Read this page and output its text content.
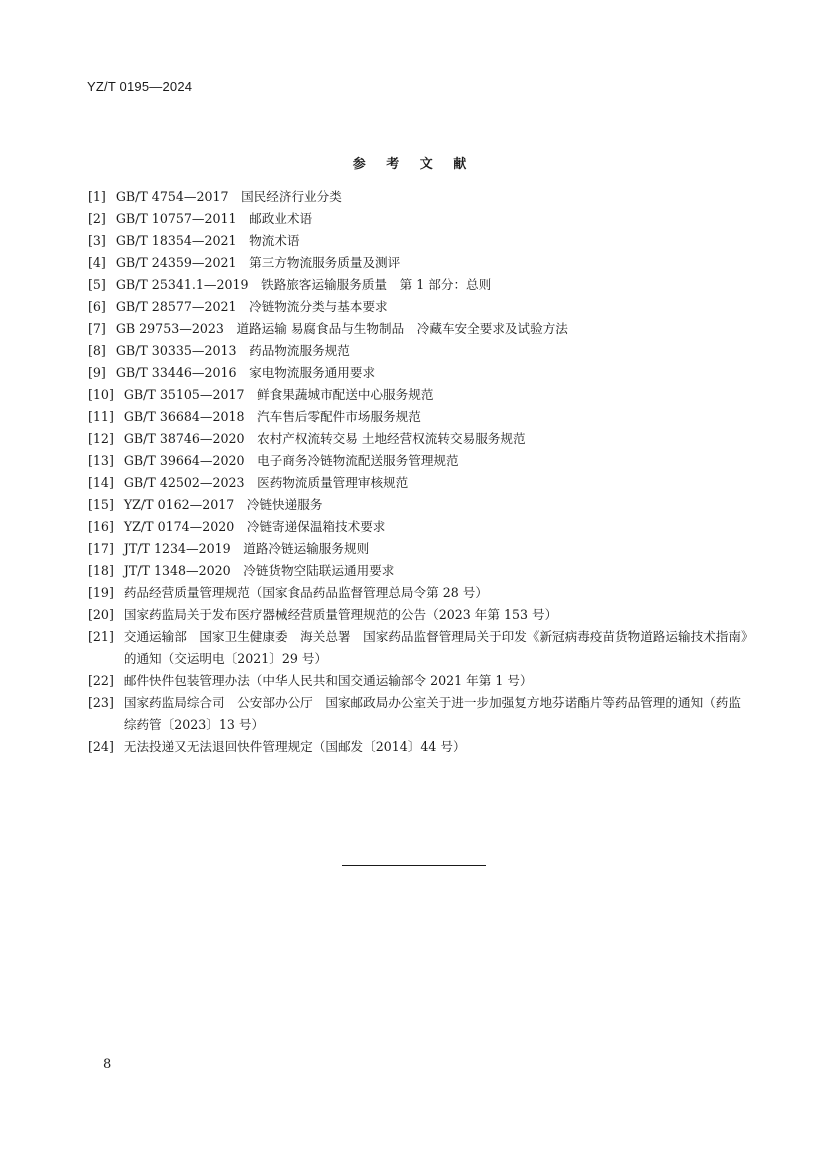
YZ/T 0195—2024
参 考 文 献
[1] GB/T 4754—2017　国民经济行业分类
[2] GB/T 10757—2011　邮政业术语
[3] GB/T 18354—2021　物流术语
[4] GB/T 24359—2021　第三方物流服务质量及测评
[5] GB/T 25341.1—2019　铁路旅客运输服务质量　第 1 部分：总则
[6] GB/T 28577—2021　冷链物流分类与基本要求
[7] GB 29753—2023　道路运输 易腐食品与生物制品　冷藏车安全要求及试验方法
[8] GB/T 30335—2013　药品物流服务规范
[9] GB/T 33446—2016　家电物流服务通用要求
[10] GB/T 35105—2017　鲜食果蔬城市配送中心服务规范
[11] GB/T 36684—2018　汽车售后零配件市场服务规范
[12] GB/T 38746—2020　农村产权流转交易 土地经营权流转交易服务规范
[13] GB/T 39664—2020　电子商务冷链物流配送服务管理规范
[14] GB/T 42502—2023　医药物流质量管理审核规范
[15] YZ/T 0162—2017　冷链快递服务
[16] YZ/T 0174—2020　冷链寄递保温箱技术要求
[17] JT/T 1234—2019　道路冷链运输服务规则
[18] JT/T 1348—2020　冷链货物空陆联运通用要求
[19] 药品经营质量管理规范（国家食品药品监督管理总局令第 28 号）
[20] 国家药监局关于发布医疗器械经营质量管理规范的公告（2023 年第 153 号）
[21] 交通运输部　国家卫生健康委　海关总署　国家药品监督管理局关于印发《新冠病毒疫苗货物道路运输技术指南》的通知（交运明电〔2021〕29 号）
[22] 邮件快件包装管理办法（中华人民共和国交通运输部令 2021 年第 1 号）
[23] 国家药监局综合司　公安部办公厅　国家邮政局办公室关于进一步加强复方地芬诺酯片等药品管理的通知（药监综药管〔2023〕13 号）
[24] 无法投递又无法退回快件管理规定（国邮发〔2014〕44 号）
8
